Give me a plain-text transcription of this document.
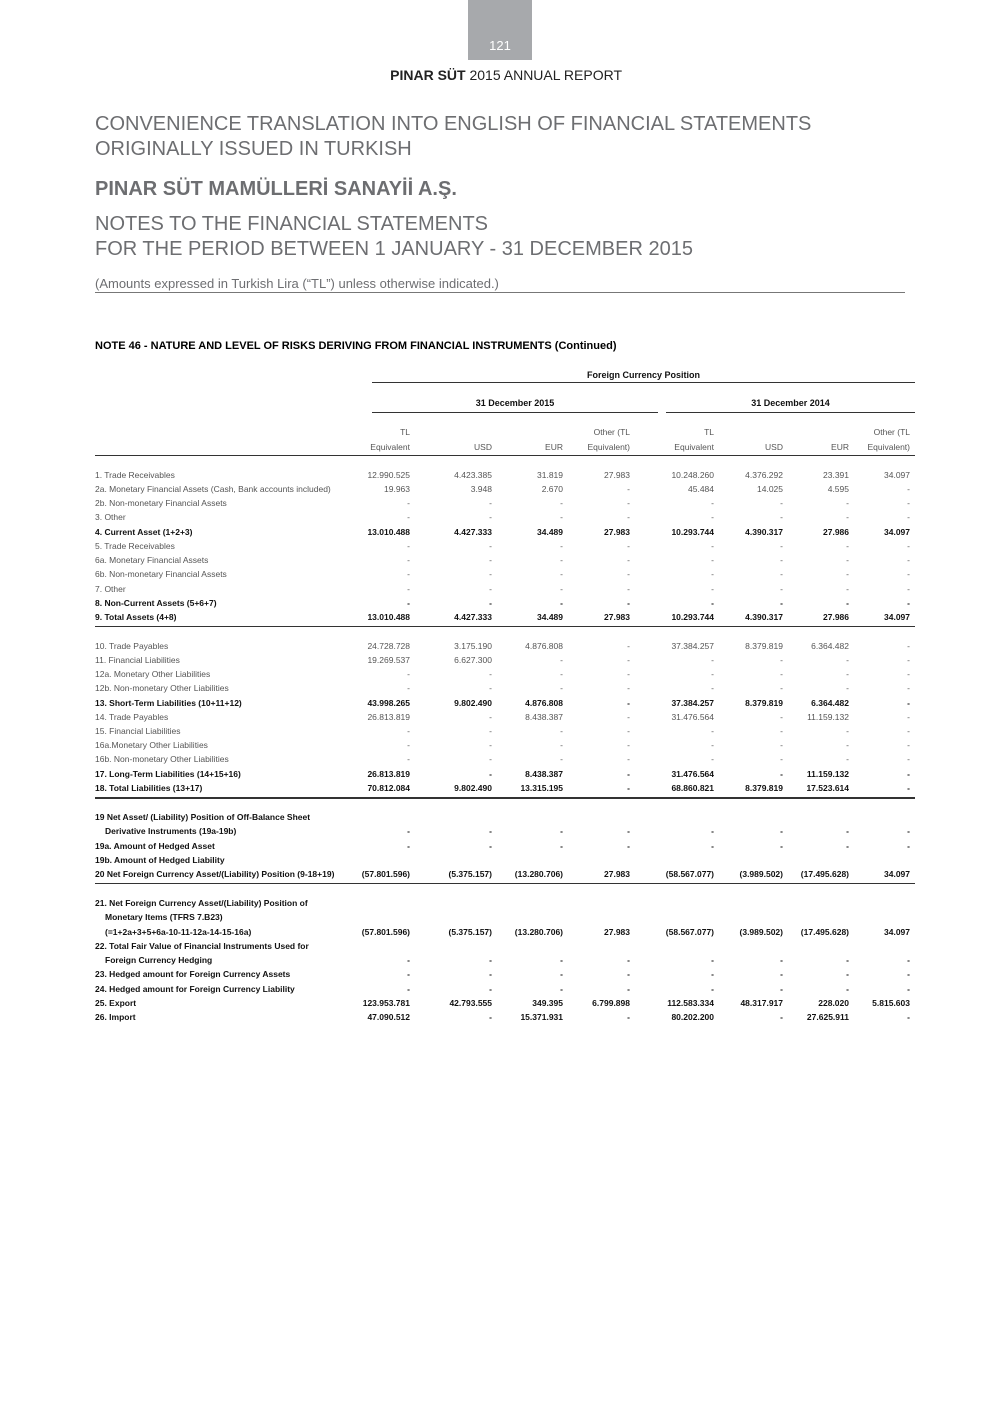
121
PINAR SÜT 2015 ANNUAL REPORT
CONVENIENCE TRANSLATION INTO ENGLISH OF FINANCIAL STATEMENTS
ORIGINALLY ISSUED IN TURKISH
PINAR SÜT MAMÜLLERİ SANAYİİ A.Ş.
NOTES TO THE FINANCIAL STATEMENTS
FOR THE PERIOD BETWEEN 1 JANUARY - 31 DECEMBER 2015
(Amounts expressed in Turkish Lira (“TL”) unless otherwise indicated.)
NOTE 46 - NATURE AND LEVEL OF RISKS DERIVING FROM FINANCIAL INSTRUMENTS (Continued)
Foreign Currency Position
31 December 2015	31 December 2014
TL
Equivalent	USD	EUR
Other (TL
Equivalent)
TL
Equivalent	USD	EUR
Other (TL
Equivalent)
1. Trade Receivables	12.990.525	4.423.385	31.819	27.983	10.248.260	4.376.292	23.391	34.097
2a. Monetary Financial Assets (Cash, Bank accounts included)	19.963	3.948	2.670	-	45.484	14.025	4.595	-
2b. Non-monetary Financial Assets	-	-	-	-	-	-	-	-
3. Other	-	-	-	-	-	-	-	-
4. Current Asset (1+2+3)	13.010.488	4.427.333	34.489	27.983	10.293.744	4.390.317	27.986	34.097
5. Trade Receivables	-	-	-	-	-	-	-	-
6a. Monetary Financial Assets	-	-	-	-	-	-	-	-
6b. Non-monetary Financial Assets	-	-	-	-	-	-	-	-
7. Other	-	-	-	-	-	-	-	-
8. Non-Current Assets (5+6+7)	-	-	-	-	-	-	-	-
9. Total Assets (4+8)	13.010.488	4.427.333	34.489	27.983	10.293.744	4.390.317	27.986	34.097
10. Trade Payables	24.728.728	3.175.190	4.876.808	-	37.384.257	8.379.819	6.364.482	-
11. Financial Liabilities	19.269.537	6.627.300	-	-	-	-	-	-
12a. Monetary Other Liabilities	-	-	-	-	-	-	-	-
12b. Non-monetary Other Liabilities	-	-	-	-	-	-	-	-
13. Short-Term Liabilities (10+11+12)	43.998.265	9.802.490	4.876.808	-	37.384.257	8.379.819	6.364.482	-
14. Trade Payables	26.813.819	-	8.438.387	-	31.476.564	-	11.159.132	-
15. Financial Liabilities	-	-	-	-	-	-	-	-
16a.Monetary Other Liabilities	-	-	-	-	-	-	-	-
16b. Non-monetary Other Liabilities	-	-	-	-	-	-	-	-
17. Long-Term Liabilities (14+15+16)	26.813.819	-	8.438.387	-	31.476.564	-	11.159.132	-
18. Total Liabilities (13+17)	70.812.084	9.802.490	13.315.195	-	68.860.821	8.379.819	17.523.614	-
19 Net Asset/ (Liability) Position of Off-Balance Sheet
Derivative Instruments (19a-19b)	-	-	-	-	-	-	-	-
19a. Amount of Hedged Asset	-	-	-	-	-	-	-	-
19b. Amount of Hedged Liability
20 Net Foreign Currency Asset/(Liability) Position (9-18+19)	(57.801.596)	(5.375.157)	(13.280.706)	27.983	(58.567.077)	(3.989.502)	(17.495.628)	34.097
21. Net Foreign Currency Asset/(Liability) Position of
Monetary Items (TFRS 7.B23)
(=1+2a+3+5+6a-10-11-12a-14-15-16a)	(57.801.596)	(5.375.157)	(13.280.706)	27.983	(58.567.077)	(3.989.502)	(17.495.628)	34.097
22. Total Fair Value of Financial Instruments Used for
Foreign Currency Hedging	-	-	-	-	-	-	-	-
23. Hedged amount for Foreign Currency Assets	-	-	-	-	-	-	-	-
24. Hedged amount for Foreign Currency Liability	-	-	-	-	-	-	-	-
25. Export	123.953.781	42.793.555	349.395	6.799.898	112.583.334	48.317.917	228.020	5.815.603
26. Import	47.090.512	-	15.371.931	-	80.202.200	-	27.625.911	-
